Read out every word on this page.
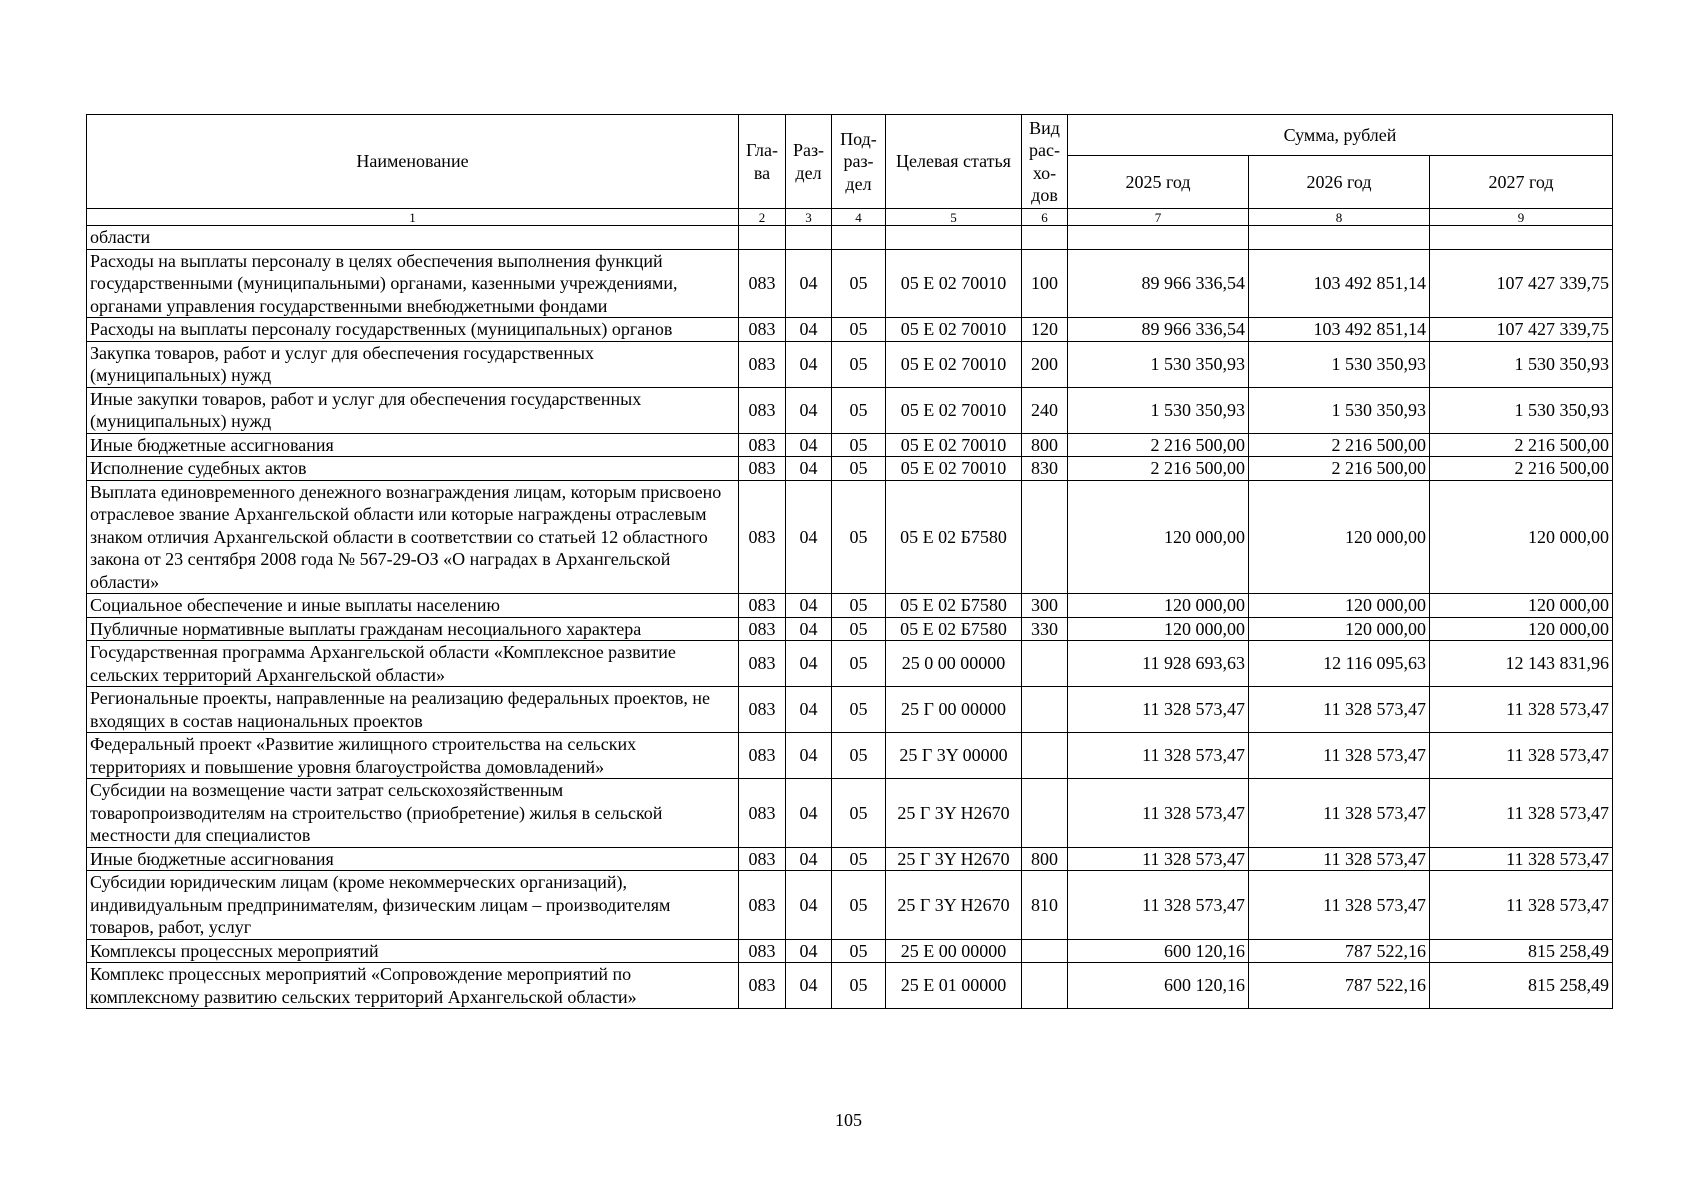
Наименование	Гла-ва	Раз-дел	Под-раз-дел	Целевая статья	Вид рас-хо-дов	Сумма, рублей		
						2025 год	2026 год	2027 год
1	2	3	4	5	6	7	8	9
области								
Расходы на выплаты персоналу в целях обеспечения выполнения функций государственными (муниципальными) органами, казенными учреждениями, органами управления государственными внебюджетными фондами	083	04	05	05 Е 02 70010	100	89 966 336,54	103 492 851,14	107 427 339,75
Расходы на выплаты персоналу государственных (муниципальных) органов	083	04	05	05 Е 02 70010	120	89 966 336,54	103 492 851,14	107 427 339,75
Закупка товаров, работ и услуг для обеспечения государственных (муниципальных) нужд	083	04	05	05 Е 02 70010	200	1 530 350,93	1 530 350,93	1 530 350,93
Иные закупки товаров, работ и услуг для обеспечения государственных (муниципальных) нужд	083	04	05	05 Е 02 70010	240	1 530 350,93	1 530 350,93	1 530 350,93
Иные бюджетные ассигнования	083	04	05	05 Е 02 70010	800	2 216 500,00	2 216 500,00	2 216 500,00
Исполнение судебных актов	083	04	05	05 Е 02 70010	830	2 216 500,00	2 216 500,00	2 216 500,00
Выплата единовременного денежного вознаграждения лицам, которым присвоено отраслевое звание Архангельской области или которые награждены отраслевым знаком отличия Архангельской области в соответствии со статьей 12 областного закона от 23 сентября 2008 года № 567-29-ОЗ «О наградах в Архангельской области»	083	04	05	05 Е 02 Б7580		120 000,00	120 000,00	120 000,00
Социальное обеспечение и иные выплаты населению	083	04	05	05 Е 02 Б7580	300	120 000,00	120 000,00	120 000,00
Публичные нормативные выплаты гражданам несоциального характера	083	04	05	05 Е 02 Б7580	330	120 000,00	120 000,00	120 000,00
Государственная программа Архангельской области «Комплексное развитие сельских территорий Архангельской области»	083	04	05	25 0 00 00000		11 928 693,63	12 116 095,63	12 143 831,96
Региональные проекты, направленные на реализацию федеральных проектов, не входящих в состав национальных проектов	083	04	05	25 Г 00 00000		11 328 573,47	11 328 573,47	11 328 573,47
Федеральный проект «Развитие жилищного строительства на сельских территориях и повышение уровня благоустройства домовладений»	083	04	05	25 Г 3Y 00000		11 328 573,47	11 328 573,47	11 328 573,47
Субсидии на возмещение части затрат сельскохозяйственным товаропроизводителям на строительство (приобретение) жилья в сельской местности для специалистов	083	04	05	25 Г 3Y Н2670		11 328 573,47	11 328 573,47	11 328 573,47
Иные бюджетные ассигнования	083	04	05	25 Г 3Y Н2670	800	11 328 573,47	11 328 573,47	11 328 573,47
Субсидии юридическим лицам (кроме некоммерческих организаций), индивидуальным предпринимателям, физическим лицам – производителям товаров, работ, услуг	083	04	05	25 Г 3Y Н2670	810	11 328 573,47	11 328 573,47	11 328 573,47
Комплексы процессных мероприятий	083	04	05	25 Е 00 00000		600 120,16	787 522,16	815 258,49
Комплекс процессных мероприятий «Сопровождение мероприятий по комплексному развитию сельских территорий Архангельской области»	083	04	05	25 Е 01 00000		600 120,16	787 522,16	815 258,49
105
